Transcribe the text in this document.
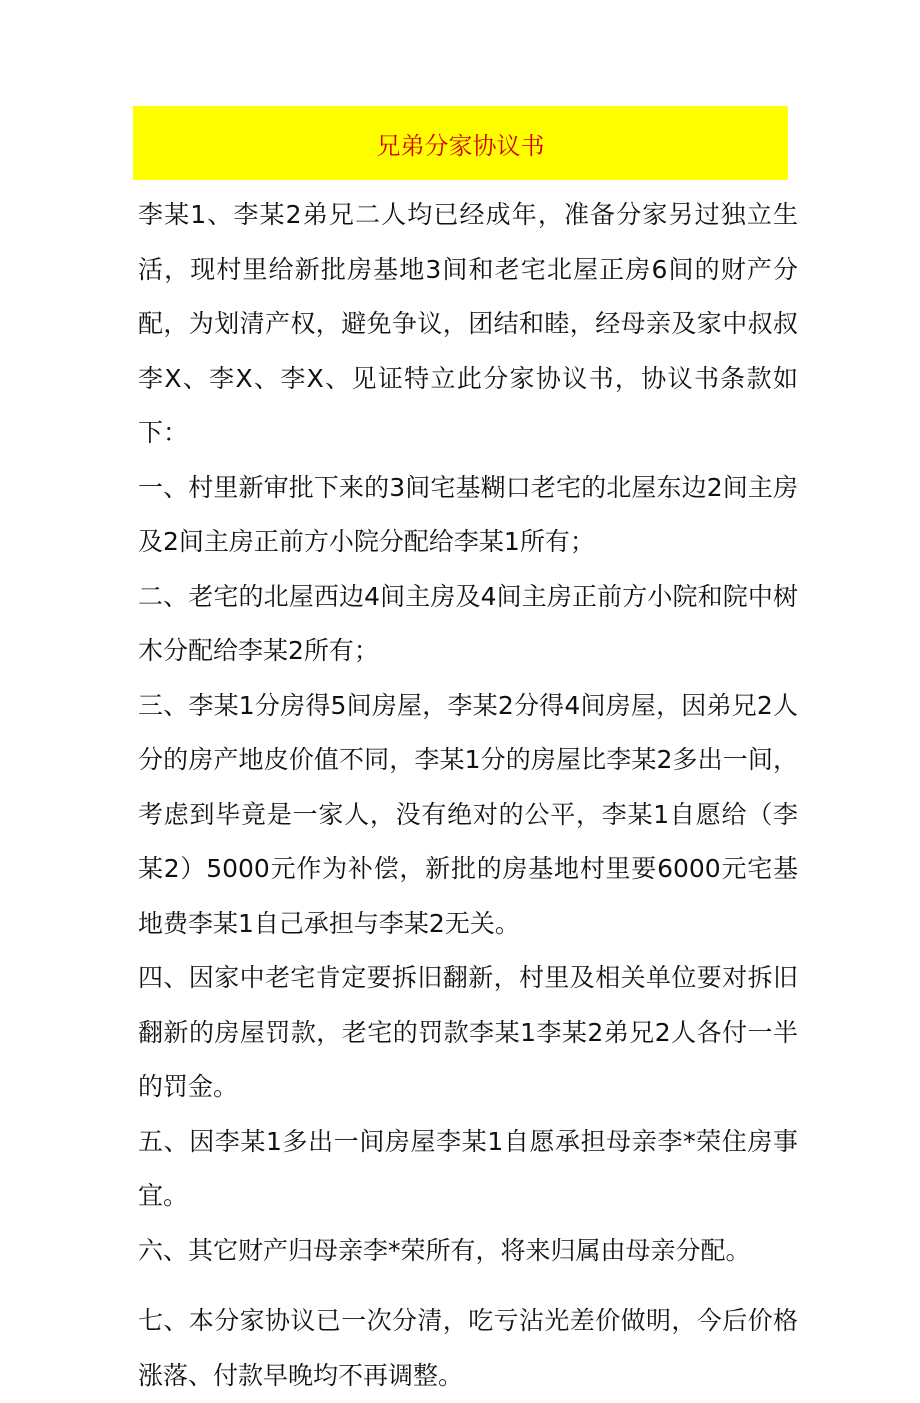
兄弟分家协议书

李某1、李某2弟兄二人均已经成年，准备分家另过独立生活，现村里给新批房基地3间和老宅北屋正房6间的财产分配，为划清产权，避免争议，团结和睦，经母亲及家中叔叔李X、李X、李X、见证特立此分家协议书，协议书条款如下：

一、村里新审批下来的3间宅基糊口老宅的北屋东边2间主房及2间主房正前方小院分配给李某1所有；

二、老宅的北屋西边4间主房及4间主房正前方小院和院中树木分配给李某2所有；

三、李某1分房得5间房屋，李某2分得4间房屋，因弟兄2人分的房产地皮价值不同，李某1分的房屋比李某2多出一间，考虑到毕竟是一家人，没有绝对的公平，李某1自愿给（李某2）5000元作为补偿，新批的房基地村里要6000元宅基地费李某1自己承担与李某2无关。

四、因家中老宅肯定要拆旧翻新，村里及相关单位要对拆旧翻新的房屋罚款，老宅的罚款李某1李某2弟兄2人各付一半的罚金。

五、因李某1多出一间房屋李某1自愿承担母亲李*荣住房事宜。

六、其它财产归母亲李*荣所有，将来归属由母亲分配。

七、本分家协议已一次分清，吃亏沾光差价做明，今后价格涨落、付款早晚均不再调整。
